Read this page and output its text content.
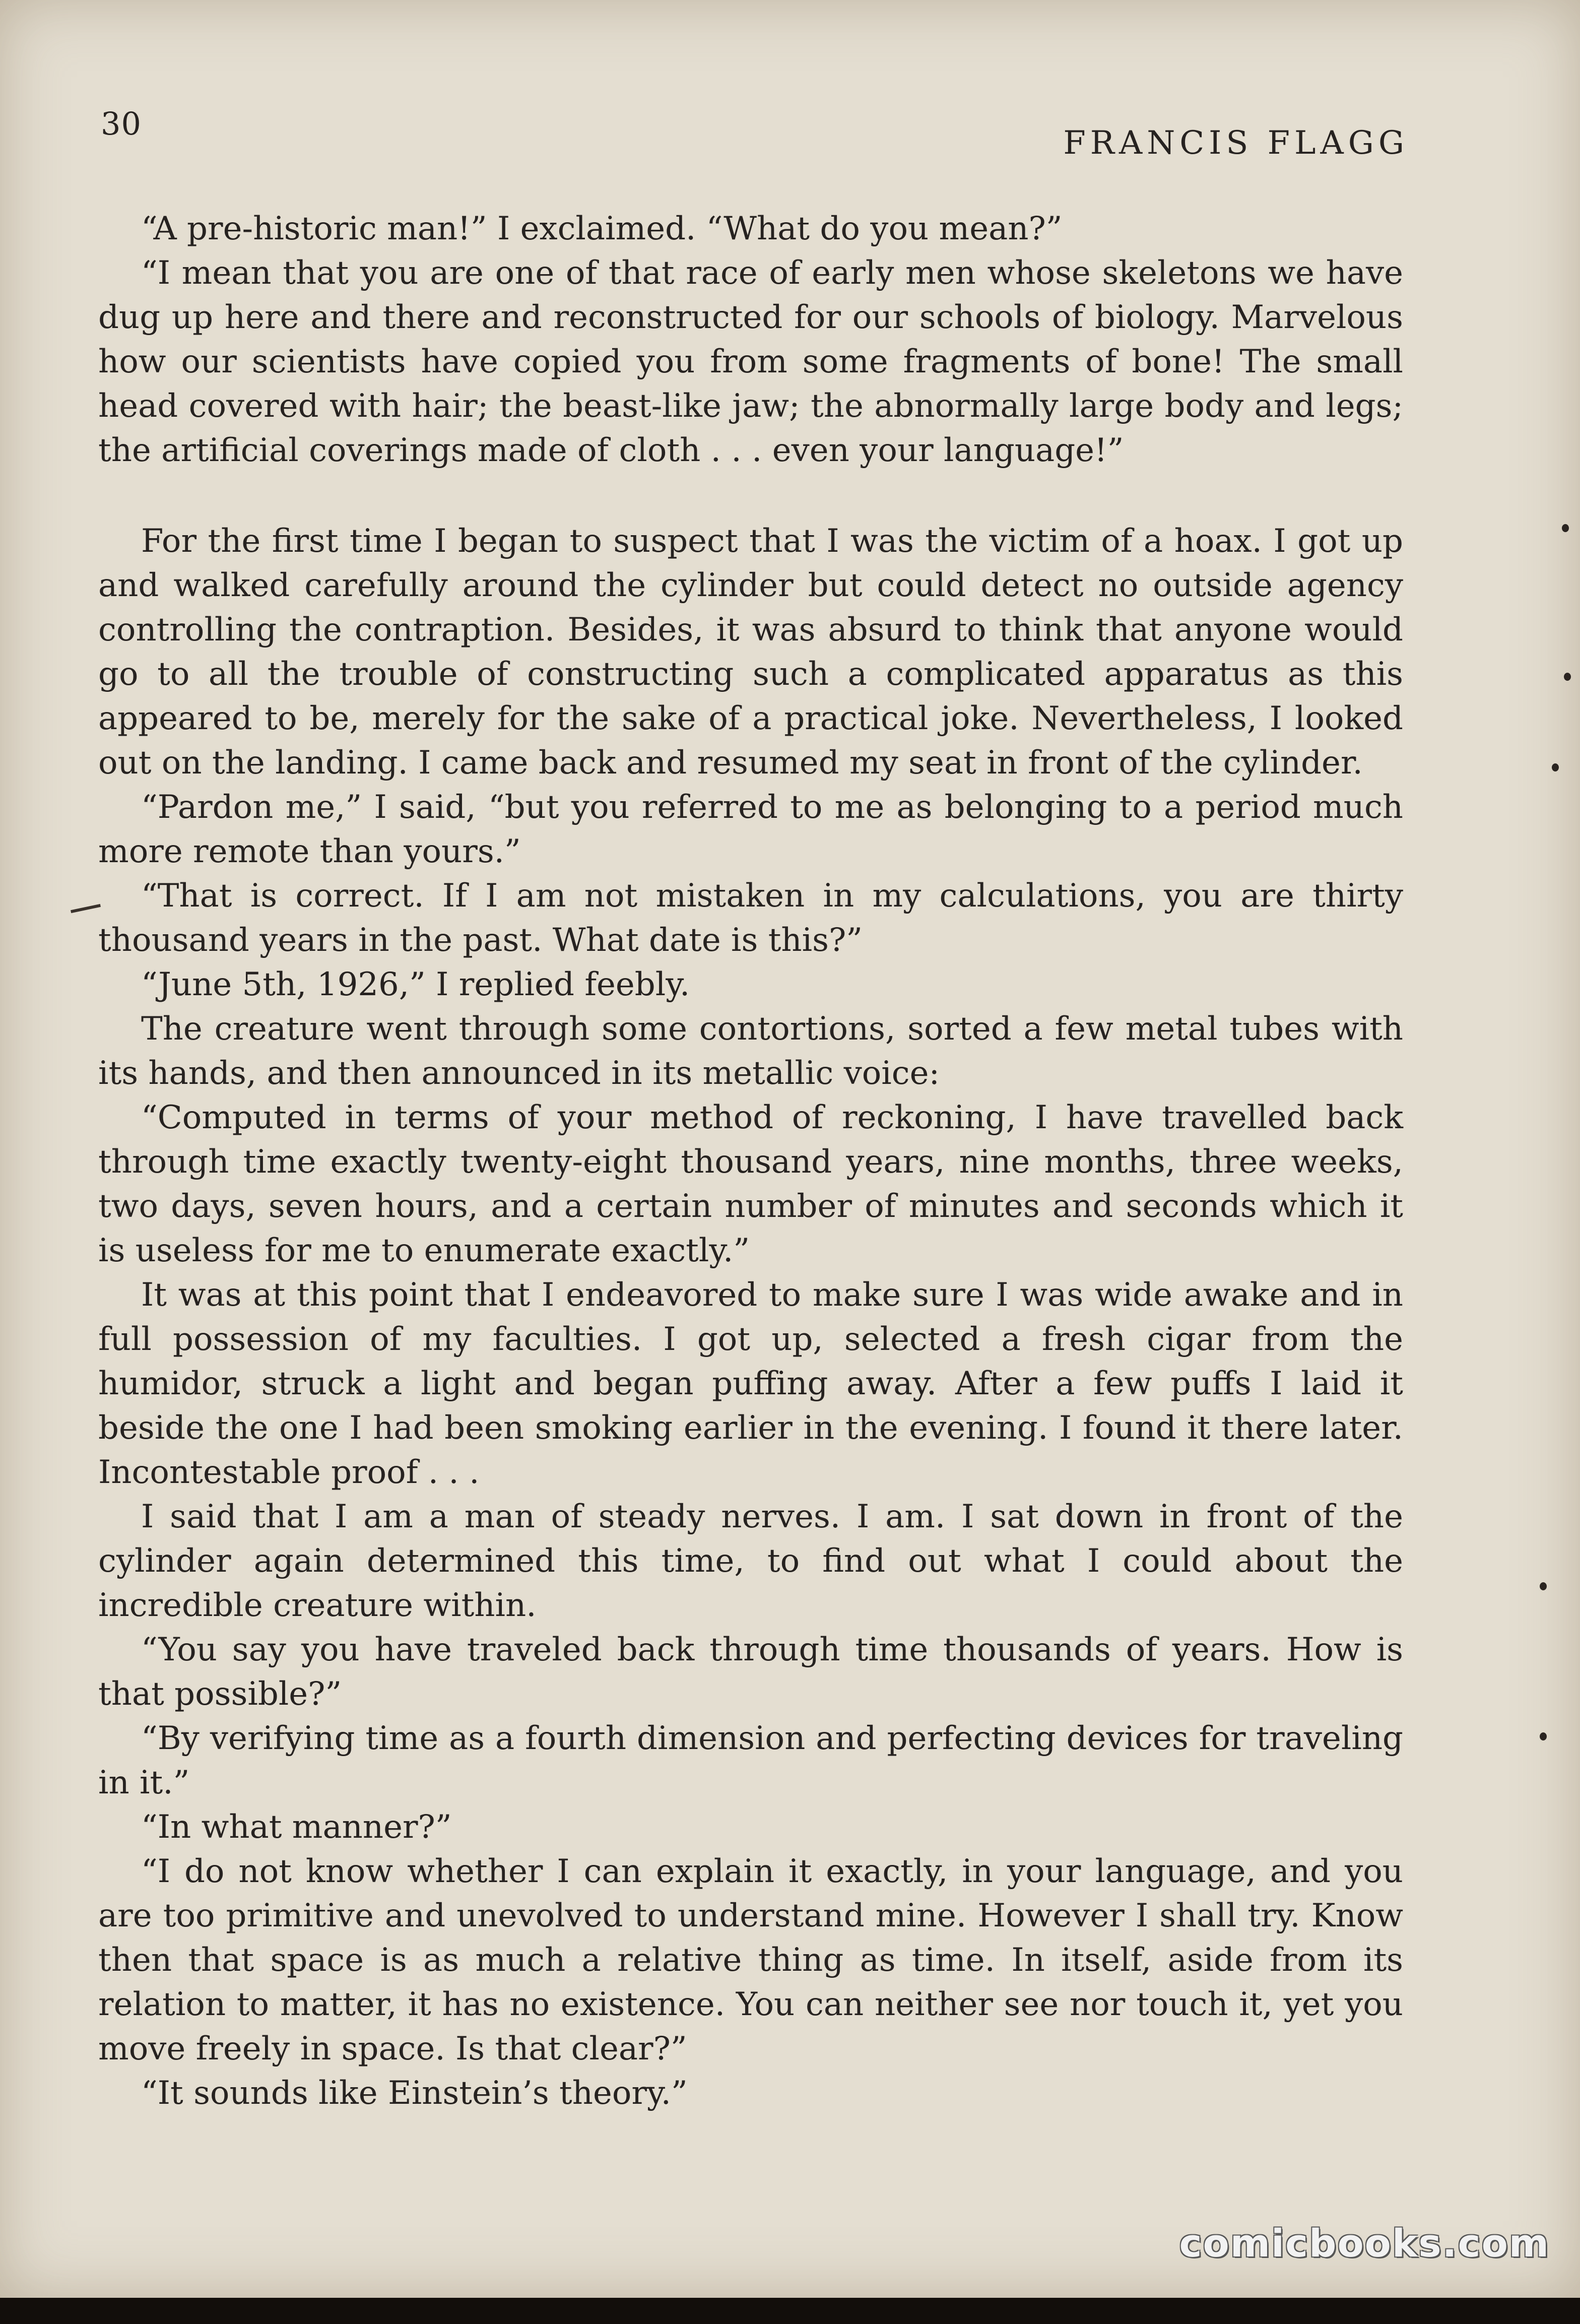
30
FRANCIS FLAGG

“A pre-historic man!” I exclaimed. “What do you mean?”

“I mean that you are one of that race of early men whose skeletons we have dug up here and there and reconstructed for our schools of biology. Marvelous how our scientists have copied you from some fragments of bone! The small head covered with hair; the beast-like jaw; the abnormally large body and legs; the artificial coverings made of cloth . . . even your language!”

For the first time I began to suspect that I was the victim of a hoax. I got up and walked carefully around the cylinder but could detect no outside agency controlling the contraption. Besides, it was absurd to think that anyone would go to all the trouble of constructing such a complicated apparatus as this appeared to be, merely for the sake of a practical joke. Nevertheless, I looked out on the landing. I came back and resumed my seat in front of the cylinder.

“Pardon me,” I said, “but you referred to me as belonging to a period much more remote than yours.”

“That is correct. If I am not mistaken in my calculations, you are thirty thousand years in the past. What date is this?”

“June 5th, 1926,” I replied feebly.

The creature went through some contortions, sorted a few metal tubes with its hands, and then announced in its metallic voice:

“Computed in terms of your method of reckoning, I have travelled back through time exactly twenty-eight thousand years, nine months, three weeks, two days, seven hours, and a certain number of minutes and seconds which it is useless for me to enumerate exactly.”

It was at this point that I endeavored to make sure I was wide awake and in full possession of my faculties. I got up, selected a fresh cigar from the humidor, struck a light and began puffing away. After a few puffs I laid it beside the one I had been smoking earlier in the evening. I found it there later. Incontestable proof . . .

I said that I am a man of steady nerves. I am. I sat down in front of the cylinder again determined this time, to find out what I could about the incredible creature within.

“You say you have traveled back through time thousands of years. How is that possible?”

“By verifying time as a fourth dimension and perfecting devices for traveling in it.”

“In what manner?”

“I do not know whether I can explain it exactly, in your language, and you are too primitive and unevolved to understand mine. However I shall try. Know then that space is as much a relative thing as time. In itself, aside from its relation to matter, it has no existence. You can neither see nor touch it, yet you move freely in space. Is that clear?”

“It sounds like Einstein’s theory.”

comicbooks.com
